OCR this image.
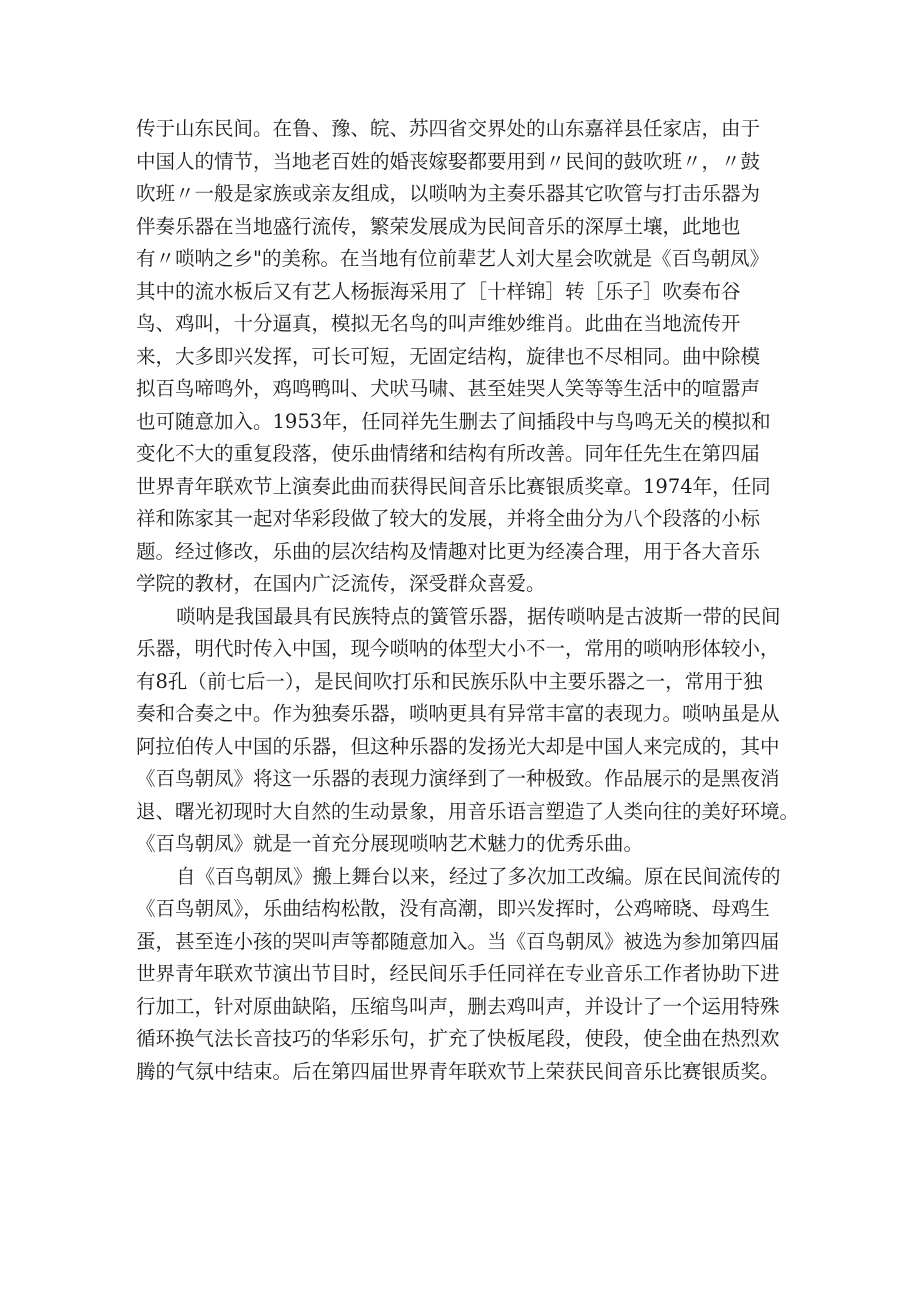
传于山东民间。在鲁、豫、皖、苏四省交界处的山东嘉祥县任家店，由于
中国人的情节，当地老百姓的婚丧嫁娶都要用到〃民间的鼓吹班〃，〃鼓
吹班〃一般是家族或亲友组成，以唢呐为主奏乐器其它吹管与打击乐器为
伴奏乐器在当地盛行流传，繁荣发展成为民间音乐的深厚土壤，此地也
有〃唢呐之乡"的美称。在当地有位前辈艺人刘大星会吹就是《百鸟朝凤》
其中的流水板后又有艺人杨振海采用了［十样锦］转［乐子］吹奏布谷
鸟、鸡叫，十分逼真，模拟无名鸟的叫声维妙维肖。此曲在当地流传开
来，大多即兴发挥，可长可短，无固定结构，旋律也不尽相同。曲中除模
拟百鸟啼鸣外，鸡鸣鸭叫、犬吠马啸、甚至娃哭人笑等等生活中的喧嚣声
也可随意加入。1953年，任同祥先生删去了间插段中与鸟鸣无关的模拟和
变化不大的重复段落，使乐曲情绪和结构有所改善。同年任先生在第四届
世界青年联欢节上演奏此曲而获得民间音乐比赛银质奖章。1974年，任同
祥和陈家其一起对华彩段做了较大的发展，并将全曲分为八个段落的小标
题。经过修改，乐曲的层次结构及情趣对比更为经凑合理，用于各大音乐
学院的教材，在国内广泛流传，深受群众喜爱。
唢呐是我国最具有民族特点的簧管乐器，据传唢呐是古波斯一带的民间
乐器，明代时传入中国，现今唢呐的体型大小不一，常用的唢呐形体较小，
有8孔（前七后一），是民间吹打乐和民族乐队中主要乐器之一，常用于独
奏和合奏之中。作为独奏乐器，唢呐更具有异常丰富的表现力。唢呐虽是从
阿拉伯传人中国的乐器，但这种乐器的发扬光大却是中国人来完成的，其中
《百鸟朝凤》将这一乐器的表现力演绎到了一种极致。作品展示的是黑夜消
退、曙光初现时大自然的生动景象，用音乐语言塑造了人类向往的美好环境。
《百鸟朝凤》就是一首充分展现唢呐艺术魅力的优秀乐曲。
自《百鸟朝凤》搬上舞台以来，经过了多次加工改编。原在民间流传的
《百鸟朝凤》，乐曲结构松散，没有高潮，即兴发挥时，公鸡啼晓、母鸡生
蛋，甚至连小孩的哭叫声等都随意加入。当《百鸟朝凤》被选为参加第四届
世界青年联欢节演出节目时，经民间乐手任同祥在专业音乐工作者协助下进
行加工，针对原曲缺陷，压缩鸟叫声，删去鸡叫声，并设计了一个运用特殊
循环换气法长音技巧的华彩乐句，扩充了快板尾段，使段，使全曲在热烈欢
腾的气氛中结束。后在第四届世界青年联欢节上荣获民间音乐比赛银质奖。
